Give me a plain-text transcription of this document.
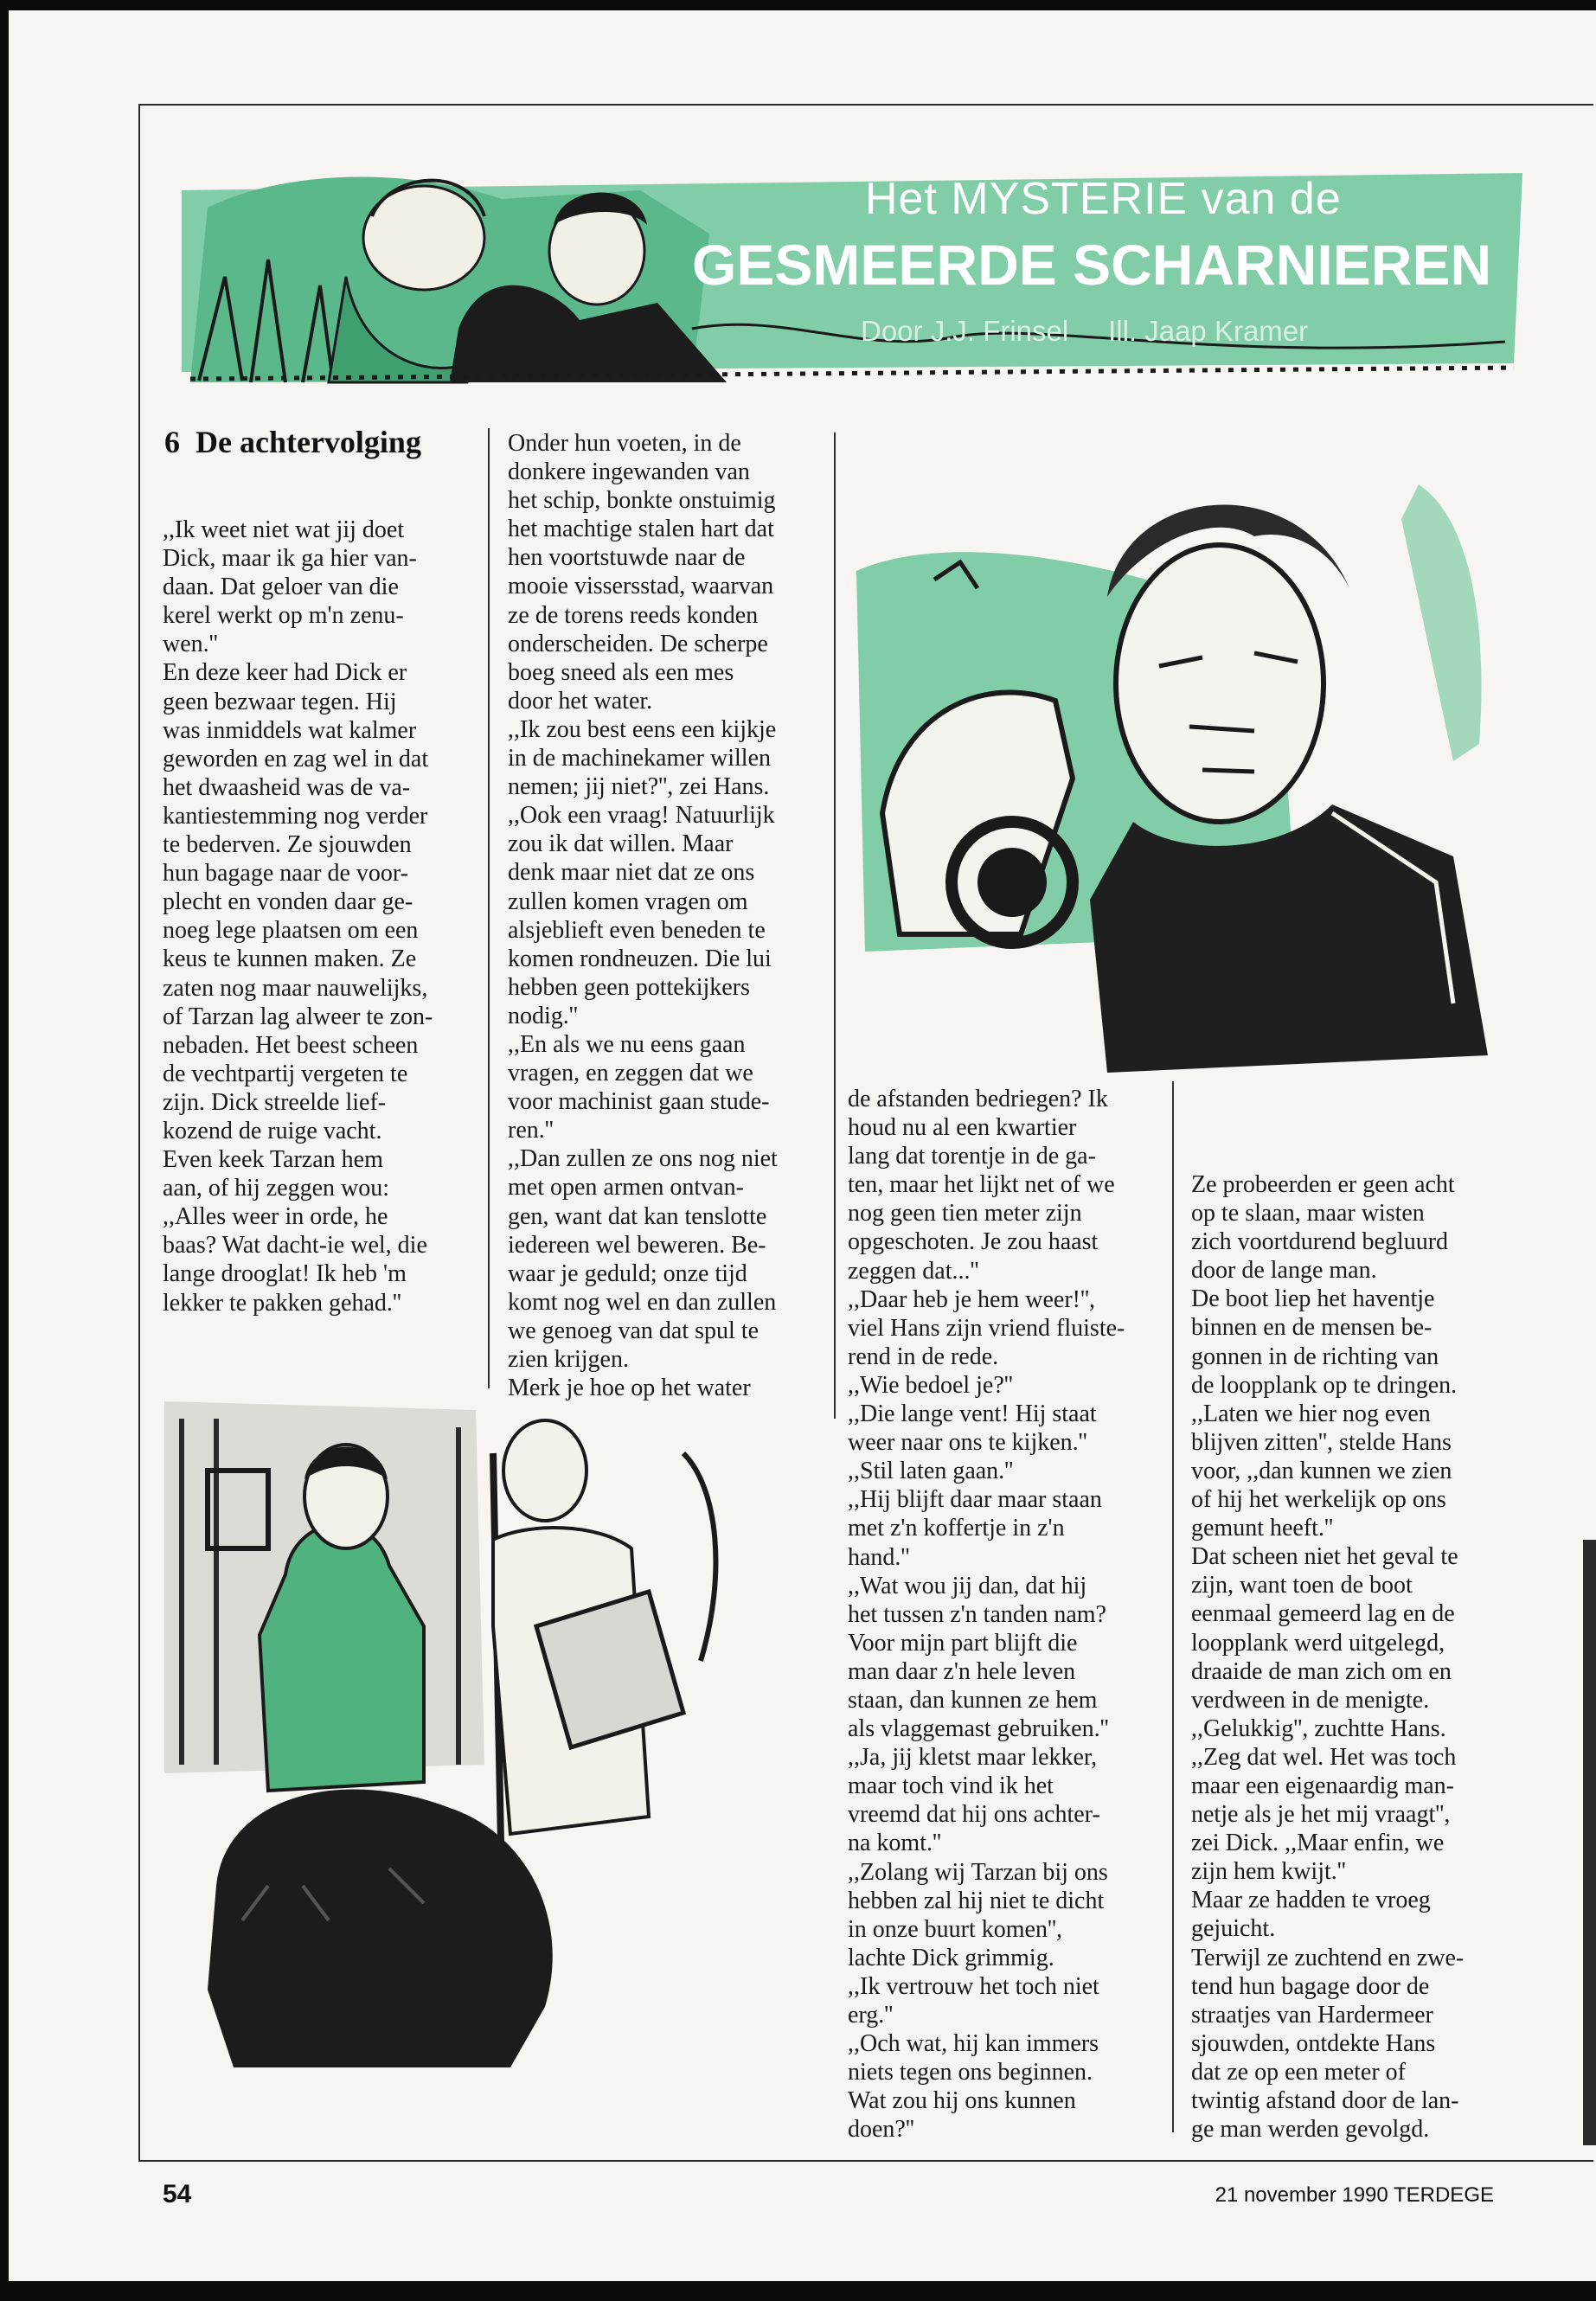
Het MYSTERIE van de
GESMEERDE SCHARNIEREN
Door J.J. Frinsel Ill. Jaap Kramer
6 De achtervolging

,,Ik weet niet wat jij doet
Dick, maar ik ga hier van-
daan. Dat geloer van die
kerel werkt op m'n zenu-
wen.''
En deze keer had Dick er
geen bezwaar tegen. Hij
was inmiddels wat kalmer
geworden en zag wel in dat
het dwaasheid was de va-
kantiestemming nog verder
te bederven. Ze sjouwden
hun bagage naar de voor-
plecht en vonden daar ge-
noeg lege plaatsen om een
keus te kunnen maken. Ze
zaten nog maar nauwelijks,
of Tarzan lag alweer te zon-
nebaden. Het beest scheen
de vechtpartij vergeten te
zijn. Dick streelde lief-
kozend de ruige vacht.
Even keek Tarzan hem
aan, of hij zeggen wou:
,,Alles weer in orde, he
baas? Wat dacht-ie wel, die
lange drooglat! Ik heb 'm
lekker te pakken gehad.''

Onder hun voeten, in de
donkere ingewanden van
het schip, bonkte onstuimig
het machtige stalen hart dat
hen voortstuwde naar de
mooie vissersstad, waarvan
ze de torens reeds konden
onderscheiden. De scherpe
boeg sneed als een mes
door het water.
,,Ik zou best eens een kijkje
in de machinekamer willen
nemen; jij niet?'', zei Hans.
,,Ook een vraag! Natuurlijk
zou ik dat willen. Maar
denk maar niet dat ze ons
zullen komen vragen om
alsjeblieft even beneden te
komen rondneuzen. Die lui
hebben geen pottekijkers
nodig.''
,,En als we nu eens gaan
vragen, en zeggen dat we
voor machinist gaan stude-
ren.''
,,Dan zullen ze ons nog niet
met open armen ontvan-
gen, want dat kan tenslotte
iedereen wel beweren. Be-
waar je geduld; onze tijd
komt nog wel en dan zullen
we genoeg van dat spul te
zien krijgen.
Merk je hoe op het water

de afstanden bedriegen? Ik
houd nu al een kwartier
lang dat torentje in de ga-
ten, maar het lijkt net of we
nog geen tien meter zijn
opgeschoten. Je zou haast
zeggen dat...''
,,Daar heb je hem weer!'',
viel Hans zijn vriend fluiste-
rend in de rede.
,,Wie bedoel je?''
,,Die lange vent! Hij staat
weer naar ons te kijken.''
,,Stil laten gaan.''
,,Hij blijft daar maar staan
met z'n koffertje in z'n
hand.''
,,Wat wou jij dan, dat hij
het tussen z'n tanden nam?
Voor mijn part blijft die
man daar z'n hele leven
staan, dan kunnen ze hem
als vlaggemast gebruiken.''
,,Ja, jij kletst maar lekker,
maar toch vind ik het
vreemd dat hij ons achter-
na komt.''
,,Zolang wij Tarzan bij ons
hebben zal hij niet te dicht
in onze buurt komen'',
lachte Dick grimmig.
,,Ik vertrouw het toch niet
erg.''
,,Och wat, hij kan immers
niets tegen ons beginnen.
Wat zou hij ons kunnen
doen?''

Ze probeerden er geen acht
op te slaan, maar wisten
zich voortdurend begluurd
door de lange man.
De boot liep het haventje
binnen en de mensen be-
gonnen in de richting van
de loopplank op te dringen.
,,Laten we hier nog even
blijven zitten'', stelde Hans
voor, ,,dan kunnen we zien
of hij het werkelijk op ons
gemunt heeft.''
Dat scheen niet het geval te
zijn, want toen de boot
eenmaal gemeerd lag en de
loopplank werd uitgelegd,
draaide de man zich om en
verdween in de menigte.
,,Gelukkig'', zuchtte Hans.
,,Zeg dat wel. Het was toch
maar een eigenaardig man-
netje als je het mij vraagt'',
zei Dick. ,,Maar enfin, we
zijn hem kwijt.''
Maar ze hadden te vroeg
gejuicht.
Terwijl ze zuchtend en zwe-
tend hun bagage door de
straatjes van Hardermeer
sjouwden, ontdekte Hans
dat ze op een meter of
twintig afstand door de lan-
ge man werden gevolgd.

54	21 november 1990 TERDEGE
